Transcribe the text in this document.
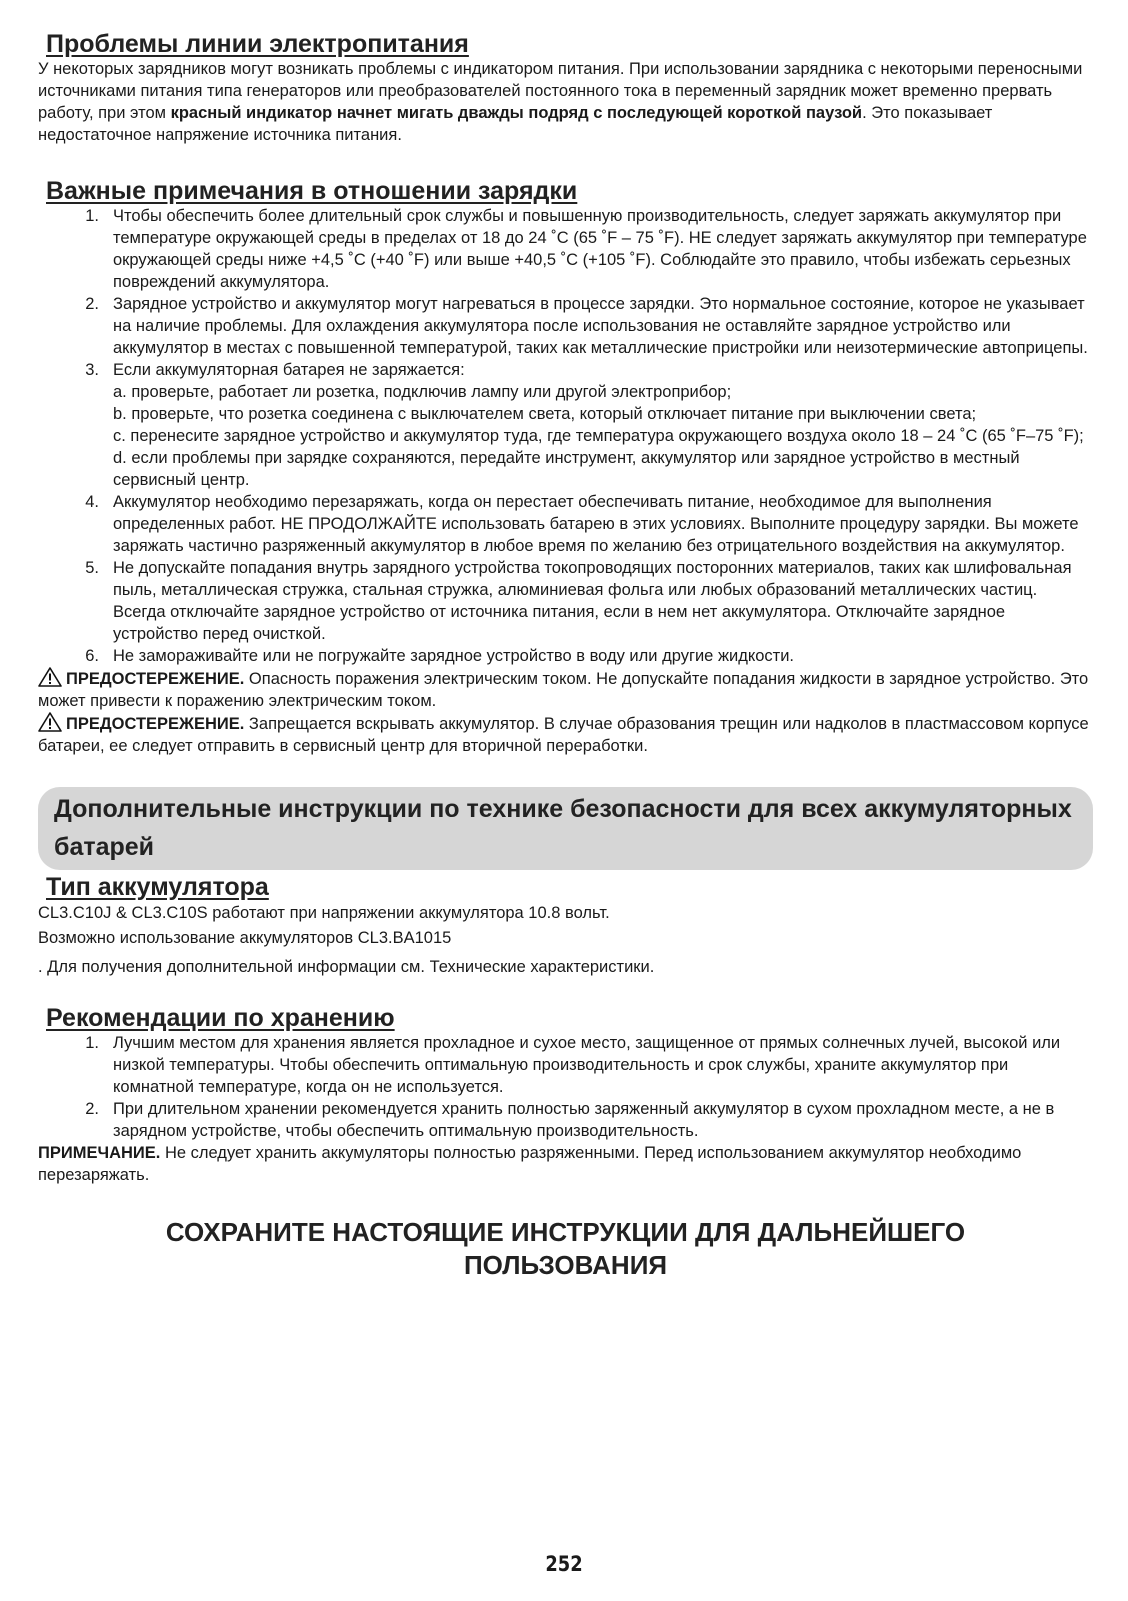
Проблемы линии электропитания

У некоторых зарядников могут возникать проблемы с индикатором питания. При использовании зарядника с некоторыми переносными источниками питания типа генераторов или преобразователей постоянного тока в переменный зарядник может временно прервать работу, при этом красный индикатор начнет мигать дважды подряд с последующей короткой паузой. Это показывает недостаточное напряжение источника питания.

Важные примечания в отношении зарядки
1. Чтобы обеспечить более длительный срок службы и повышенную производительность, следует заряжать аккумулятор при температуре окружающей среды в пределах от 18 до 24 ˚C (65 ˚F – 75 ˚F). НЕ следует заряжать аккумулятор при температуре окружающей среды ниже +4,5 ˚C (+40 ˚F) или выше +40,5 ˚C (+105 ˚F). Соблюдайте это правило, чтобы избежать серьезных повреждений аккумулятора.
2. Зарядное устройство и аккумулятор могут нагреваться в процессе зарядки. Это нормальное состояние, которое не указывает на наличие проблемы. Для охлаждения аккумулятора после использования не оставляйте зарядное устройство или аккумулятор в местах с повышенной температурой, таких как металлические пристройки или неизотермические автоприцепы.
3. Если аккумуляторная батарея не заряжается:
a. проверьте, работает ли розетка, подключив лампу или другой электроприбор;
b. проверьте, что розетка соединена с выключателем света, который отключает питание при выключении света;
c. перенесите зарядное устройство и аккумулятор туда, где температура окружающего воздуха около 18 – 24 ˚C (65 ˚F–75 ˚F);
d. если проблемы при зарядке сохраняются, передайте инструмент, аккумулятор или зарядное устройство в местный сервисный центр.
4. Аккумулятор необходимо перезаряжать, когда он перестает обеспечивать питание, необходимое для выполнения определенных работ. НЕ ПРОДОЛЖАЙТЕ использовать батарею в этих условиях. Выполните процедуру зарядки. Вы можете заряжать частично разряженный аккумулятор в любое время по желанию без отрицательного воздействия на аккумулятор.
5. Не допускайте попадания внутрь зарядного устройства токопроводящих посторонних материалов, таких как шлифовальная пыль, металлическая стружка, стальная стружка, алюминиевая фольга или любых образований металлических частиц. Всегда отключайте зарядное устройство от источника питания, если в нем нет аккумулятора. Отключайте зарядное устройство перед очисткой.
6. Не замораживайте или не погружайте зарядное устройство в воду или другие жидкости.

ПРЕДОСТЕРЕЖЕНИЕ. Опасность поражения электрическим током. Не допускайте попадания жидкости в зарядное устройство. Это может привести к поражению электрическим током.

ПРЕДОСТЕРЕЖЕНИЕ. Запрещается вскрывать аккумулятор. В случае образования трещин или надколов в пластмассовом корпусе батареи, ее следует отправить в сервисный центр для вторичной переработки.

Дополнительные инструкции по технике безопасности для всех аккумуляторных батарей
Тип аккумулятора

CL3.C10J & CL3.C10S работают при напряжении аккумулятора 10.8 вольт.

Возможно использование аккумуляторов CL3.BA1015

. Для получения дополнительной информации см. Технические характеристики.

Рекомендации по хранению
1. Лучшим местом для хранения является прохладное и сухое место, защищенное от прямых солнечных лучей, высокой или низкой температуры. Чтобы обеспечить оптимальную производительность и срок службы, храните аккумулятор при комнатной температуре, когда он не используется.
2. При длительном хранении рекомендуется хранить полностью заряженный аккумулятор в сухом прохладном месте, а не в зарядном устройстве, чтобы обеспечить оптимальную производительность.

ПРИМЕЧАНИЕ. Не следует хранить аккумуляторы полностью разряженными. Перед использованием аккумулятор необходимо перезаряжать.

СОХРАНИТЕ НАСТОЯЩИЕ ИНСТРУКЦИИ ДЛЯ ДАЛЬНЕЙШЕГО
ПОЛЬЗОВАНИЯ
252
